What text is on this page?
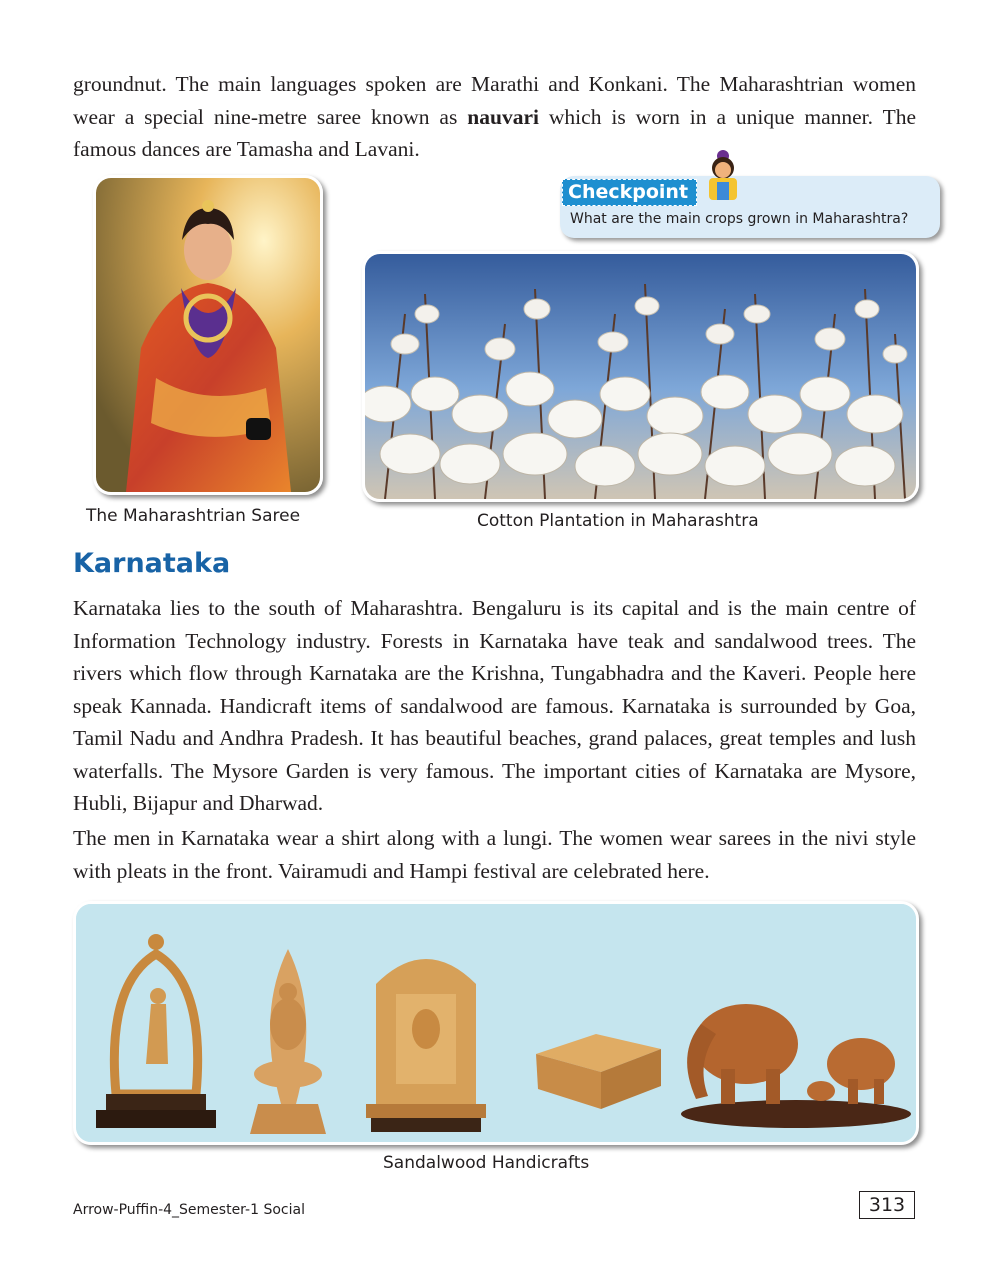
groundnut. The main languages spoken are Marathi and Konkani. The Maharashtrian women wear a special nine-metre saree known as nauvari which is worn in a unique manner. The famous dances are Tamasha and Lavani.

The Maharashtrian Saree
Checkpoint
What are the main crops grown in Maharashtra?
Cotton Plantation in Maharashtra
Karnataka

Karnataka lies to the south of Maharashtra. Bengaluru is its capital and is the main centre of Information Technology industry. Forests in Karnataka have teak and sandalwood trees. The rivers which flow through Karnataka are the Krishna, Tungabhadra and the Kaveri. People here speak Kannada. Handicraft items of sandalwood are famous. Karnataka is surrounded by Goa, Tamil Nadu and Andhra Pradesh. It has beautiful beaches, grand palaces, great temples and lush waterfalls. The Mysore Garden is very famous. The important cities of Karnataka are Mysore, Hubli, Bijapur and Dharwad.

The men in Karnataka wear a shirt along with a lungi. The women wear sarees in the nivi style with pleats in the front. Vairamudi and Hampi festival are celebrated here.

Sandalwood Handicrafts
Arrow-Puffin-4_Semester-1 Social	313
